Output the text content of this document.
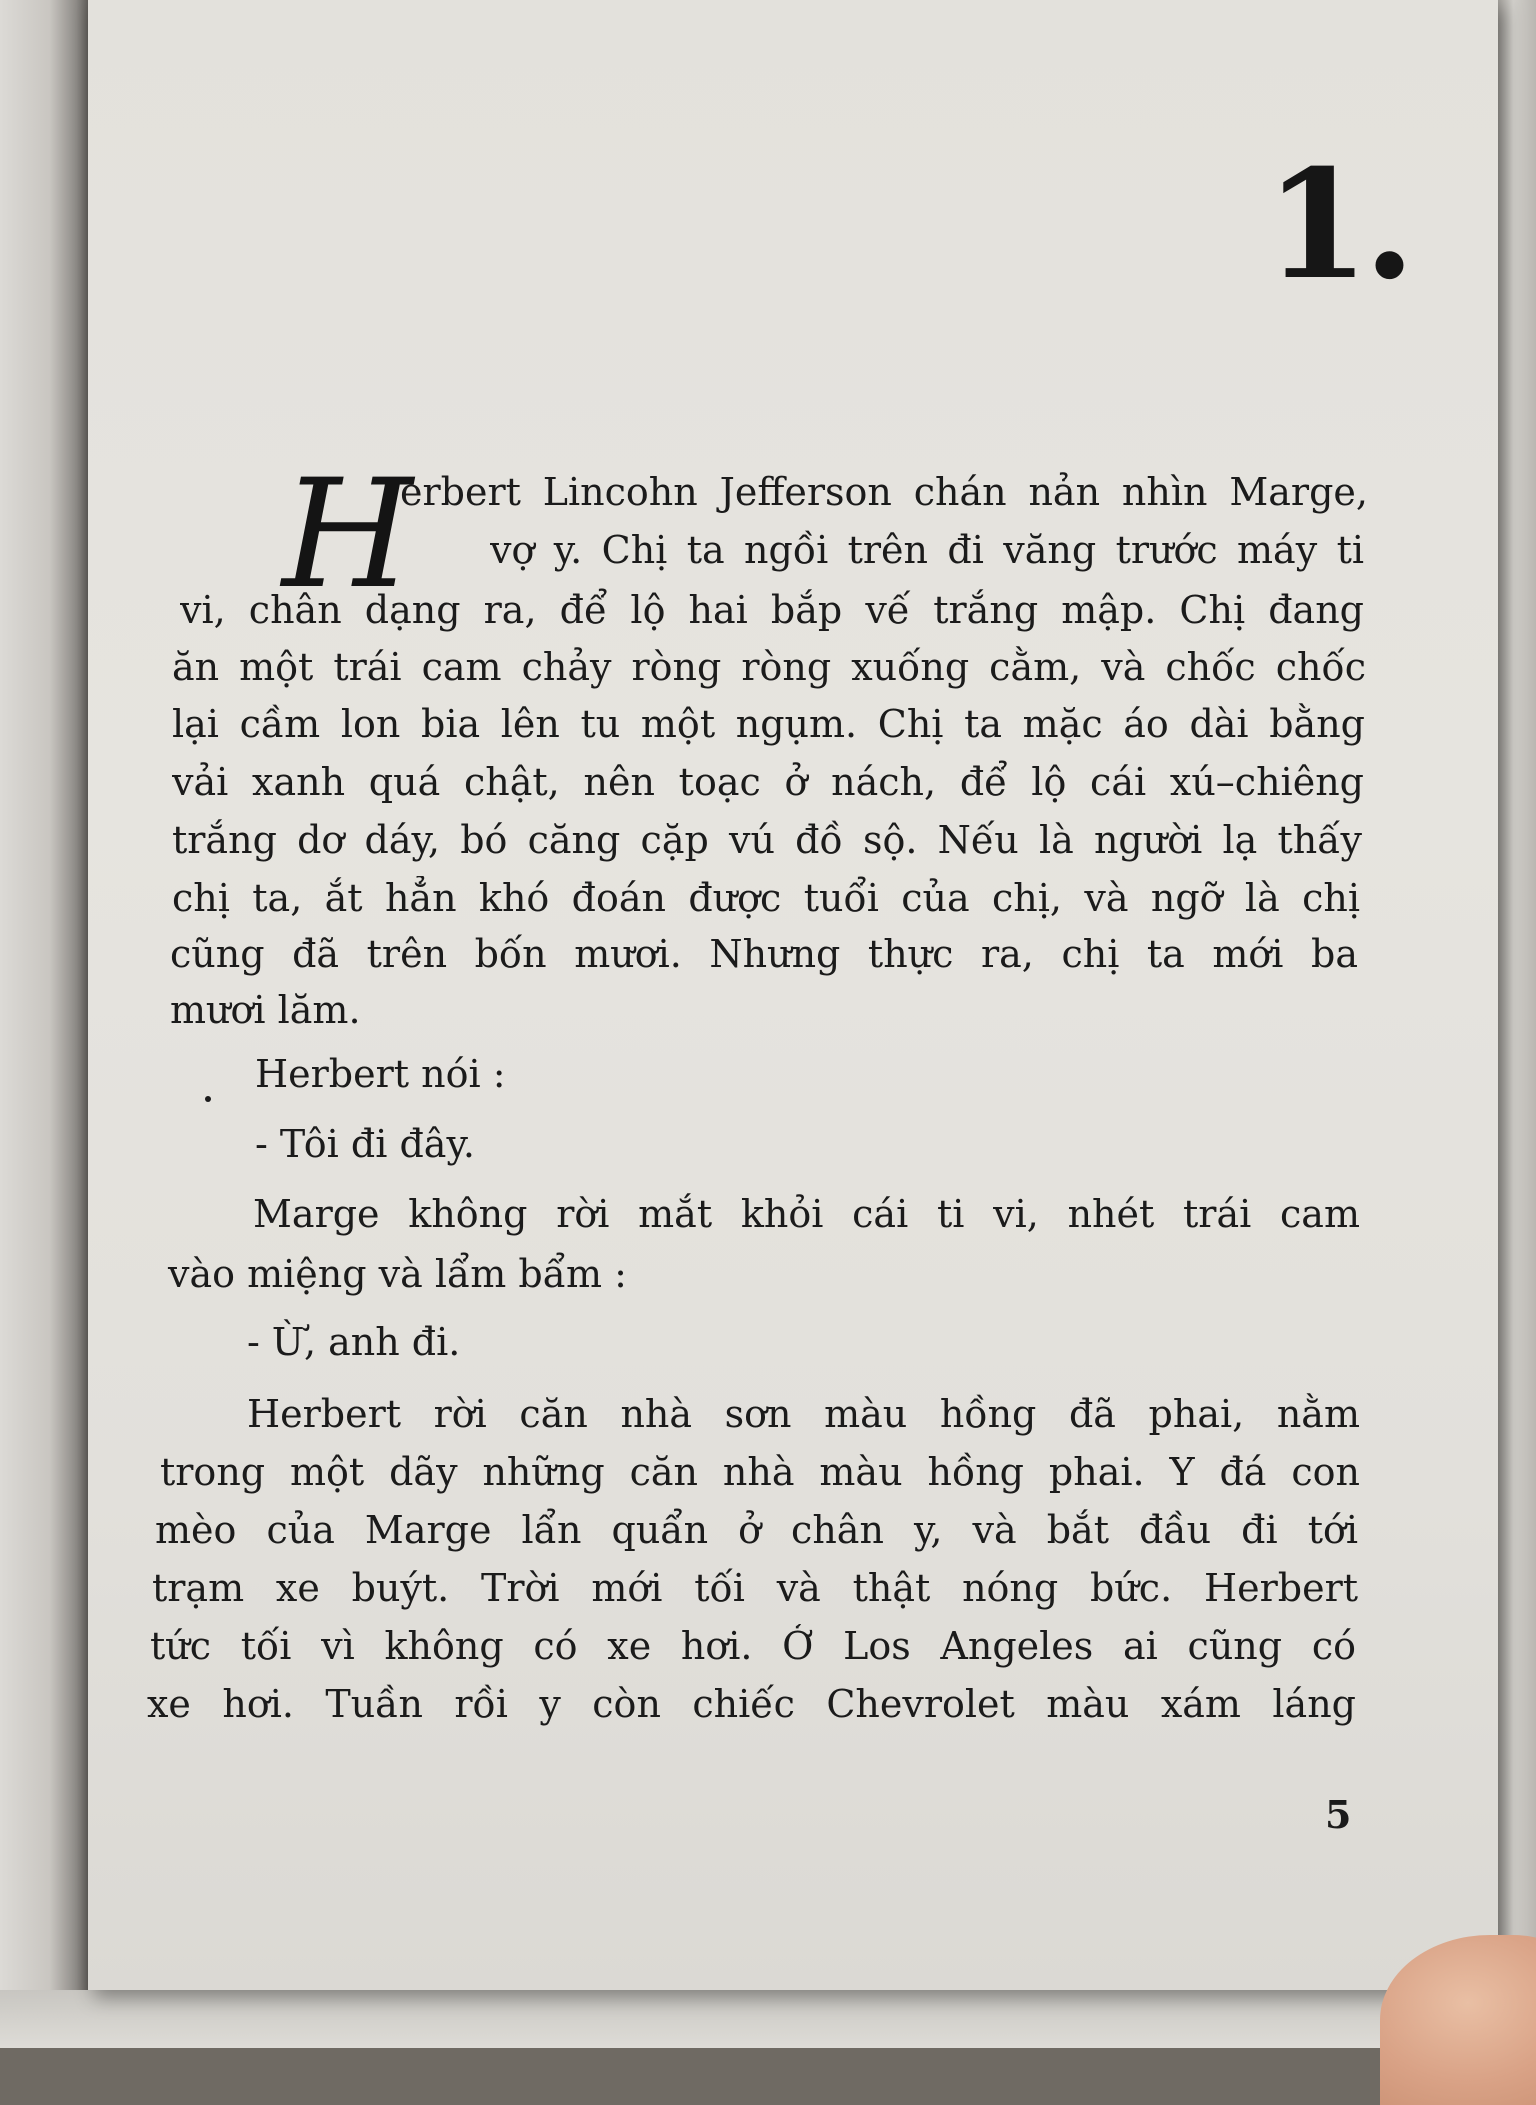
1.
H
erbert Lincohn Jefferson chán nản nhìn Marge,
vợ y. Chị ta ngồi trên đi văng trước máy ti
vi, chân dạng ra, để lộ hai bắp vế trắng mập. Chị đang
ăn một trái cam chảy ròng ròng xuống cằm, và chốc chốc
lại cầm lon bia lên tu một ngụm. Chị ta mặc áo dài bằng
vải xanh quá chật, nên toạc ở nách, để lộ cái xú–chiêng
trắng dơ dáy, bó căng cặp vú đồ sộ. Nếu là người lạ thấy
chị ta, ắt hẳn khó đoán được tuổi của chị, và ngỡ là chị
cũng đã trên bốn mươi. Nhưng thực ra, chị ta mới ba
mươi lăm.
Herbert nói :
- Tôi đi đây.
Marge không rời mắt khỏi cái ti vi, nhét trái cam
vào miệng và lẩm bẩm :
- Ừ, anh đi.
Herbert rời căn nhà sơn màu hồng đã phai, nằm
trong một dãy những căn nhà màu hồng phai. Y đá con
mèo của Marge lẩn quẩn ở chân y, và bắt đầu đi tới
trạm xe buýt. Trời mới tối và thật nóng bức. Herbert
tức tối vì không có xe hơi. Ở Los Angeles ai cũng có
xe hơi. Tuần rồi y còn chiếc Chevrolet màu xám láng
5
